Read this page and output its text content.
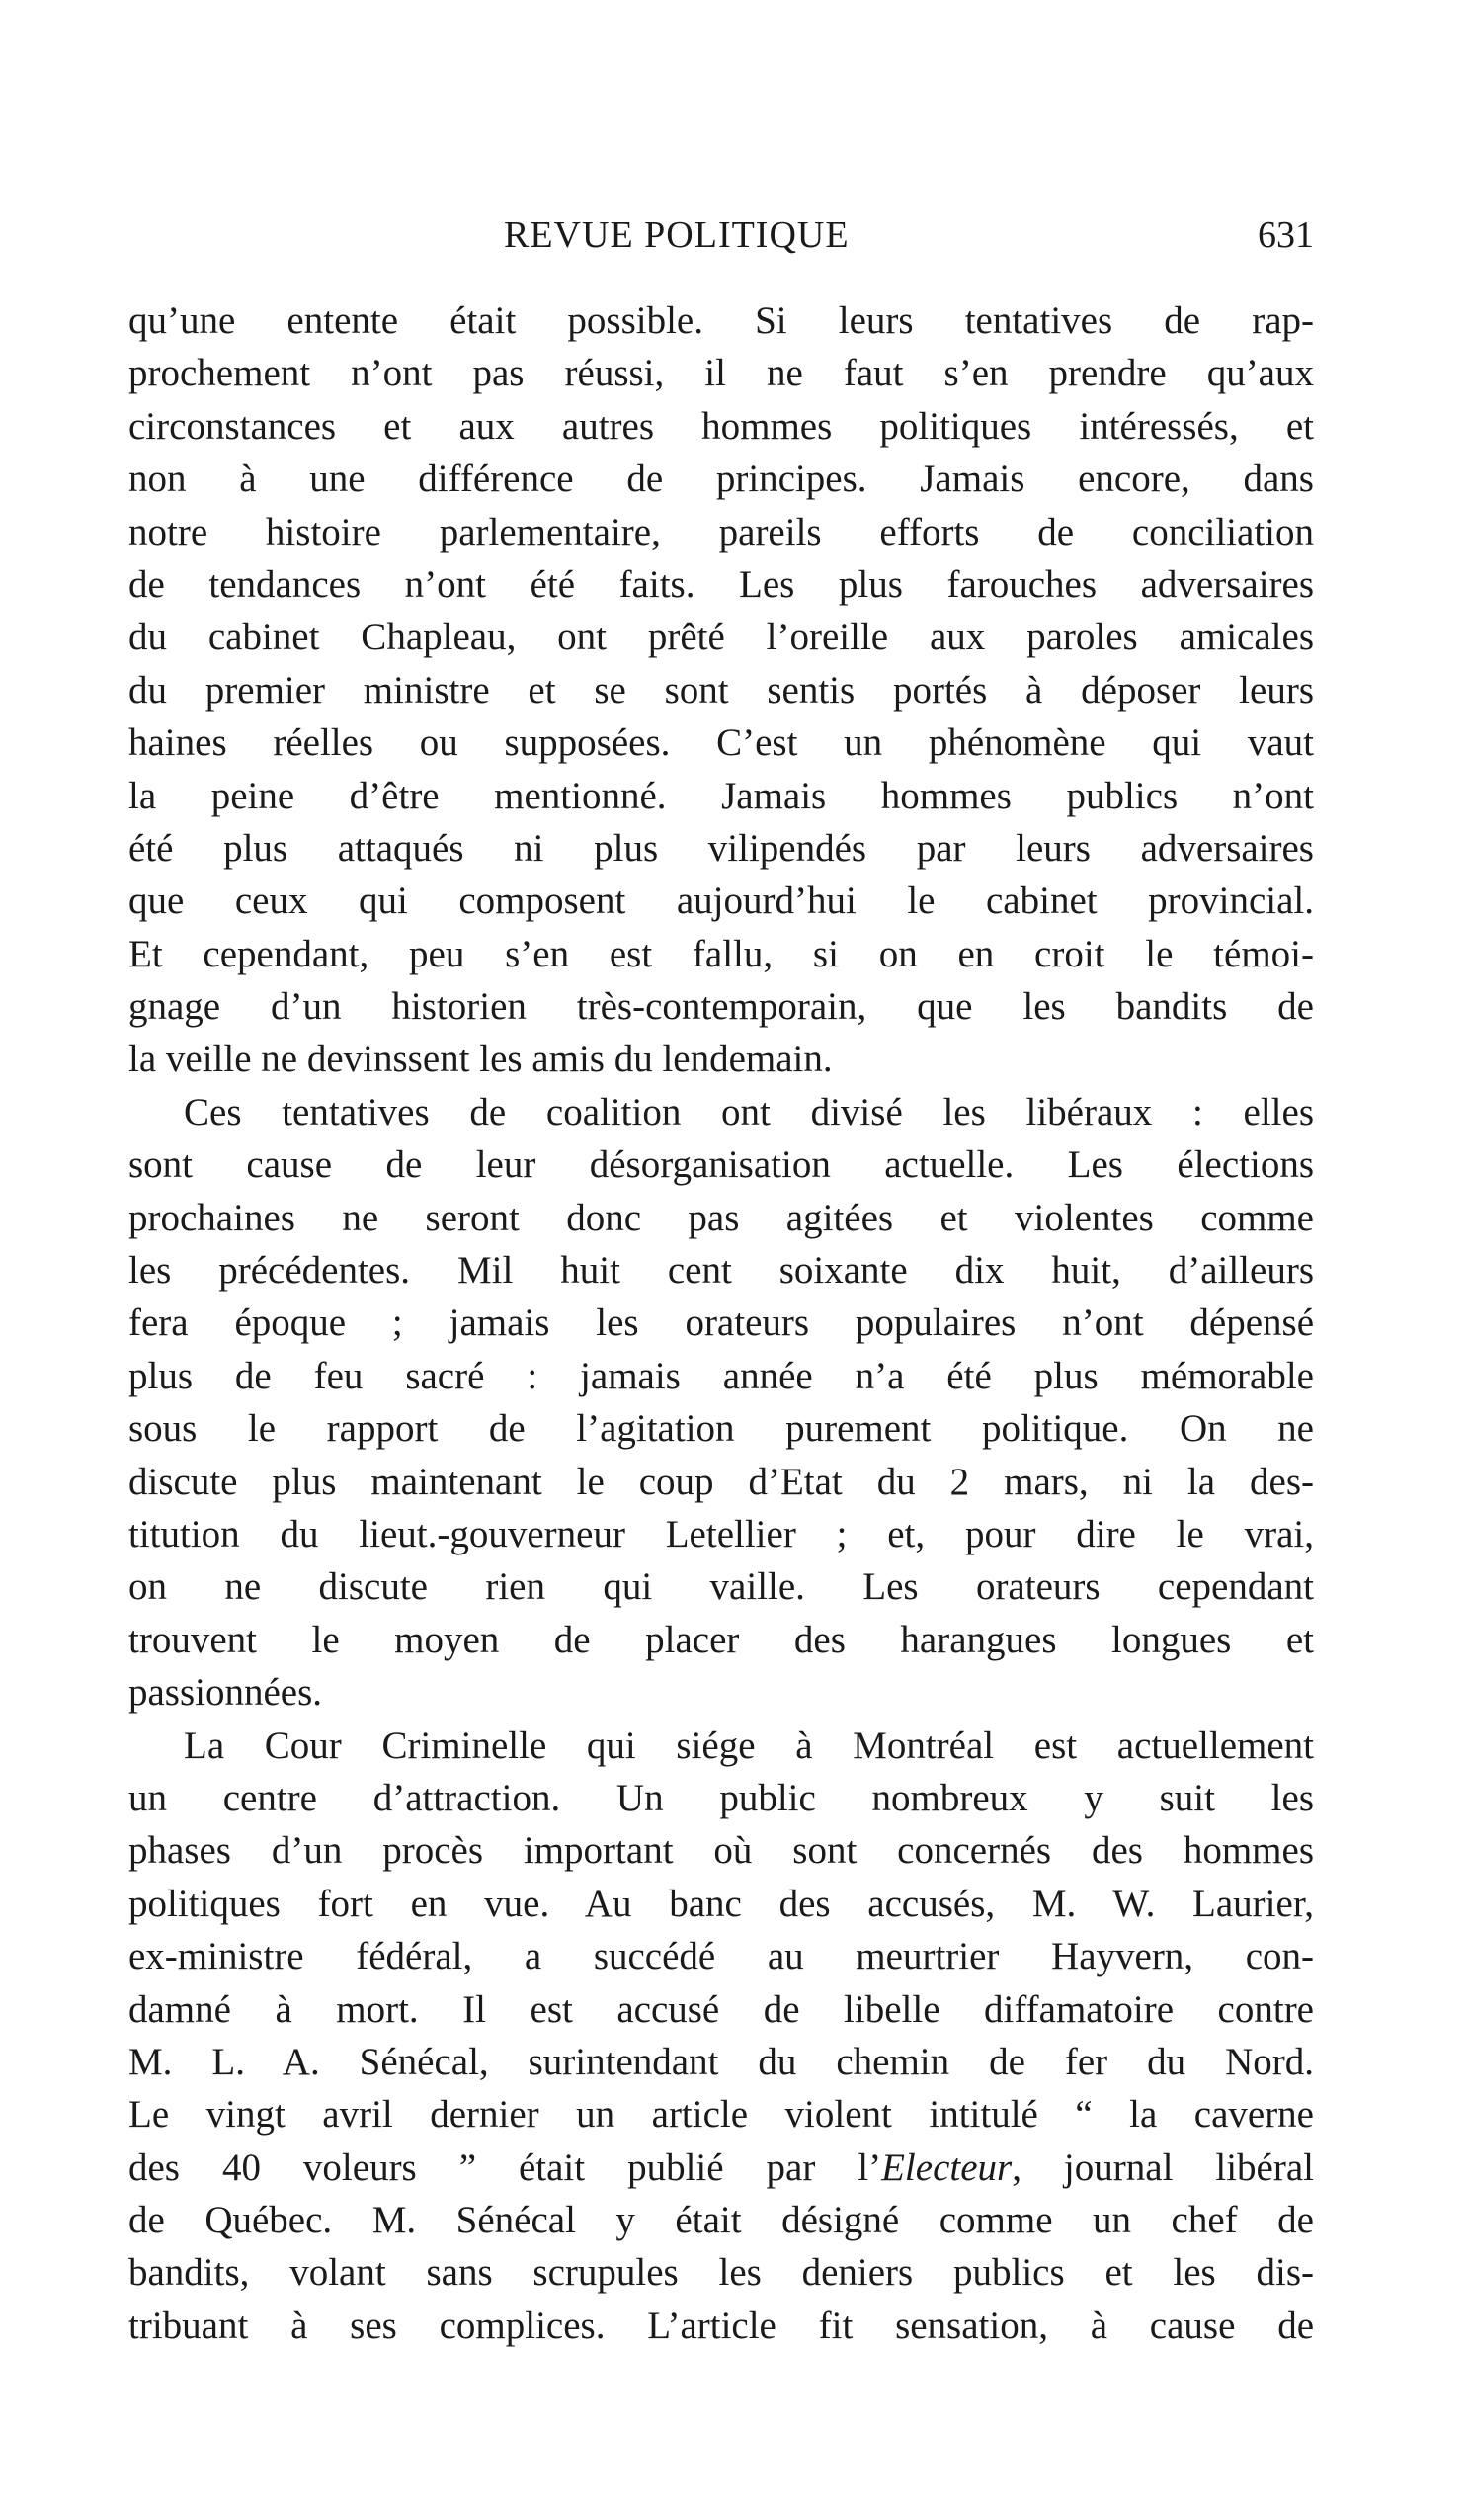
REVUE POLITIQUE	631
qu’une entente était possible. Si leurs tentatives de rap-
prochement n’ont pas réussi, il ne faut s’en prendre qu’aux
circonstances et aux autres hommes politiques intéressés, et
non à une différence de principes. Jamais encore, dans
notre histoire parlementaire, pareils efforts de conciliation
de tendances n’ont été faits. Les plus farouches adversaires
du cabinet Chapleau, ont prêté l’oreille aux paroles amicales
du premier ministre et se sont sentis portés à déposer leurs
haines réelles ou supposées. C’est un phénomène qui vaut
la peine d’être mentionné. Jamais hommes publics n’ont
été plus attaqués ni plus vilipendés par leurs adversaires
que ceux qui composent aujourd’hui le cabinet provincial.
Et cependant, peu s’en est fallu, si on en croit le témoi-
gnage d’un historien très-contemporain, que les bandits de
la veille ne devinssent les amis du lendemain.
Ces tentatives de coalition ont divisé les libéraux : elles
sont cause de leur désorganisation actuelle. Les élections
prochaines ne seront donc pas agitées et violentes comme
les précédentes. Mil huit cent soixante dix huit, d’ailleurs
fera époque ; jamais les orateurs populaires n’ont dépensé
plus de feu sacré : jamais année n’a été plus mémorable
sous le rapport de l’agitation purement politique. On ne
discute plus maintenant le coup d’Etat du 2 mars, ni la des-
titution du lieut.-gouverneur Letellier ; et, pour dire le vrai,
on ne discute rien qui vaille. Les orateurs cependant
trouvent le moyen de placer des harangues longues et
passionnées.
La Cour Criminelle qui siége à Montréal est actuellement
un centre d’attraction. Un public nombreux y suit les
phases d’un procès important où sont concernés des hommes
politiques fort en vue. Au banc des accusés, M. W. Laurier,
ex-ministre fédéral, a succédé au meurtrier Hayvern, con-
damné à mort. Il est accusé de libelle diffamatoire contre
M. L. A. Sénécal, surintendant du chemin de fer du Nord.
Le vingt avril dernier un article violent intitulé “ la caverne
des 40 voleurs ” était publié par l’Electeur, journal libéral
de Québec. M. Sénécal y était désigné comme un chef de
bandits, volant sans scrupules les deniers publics et les dis-
tribuant à ses complices. L’article fit sensation, à cause de
